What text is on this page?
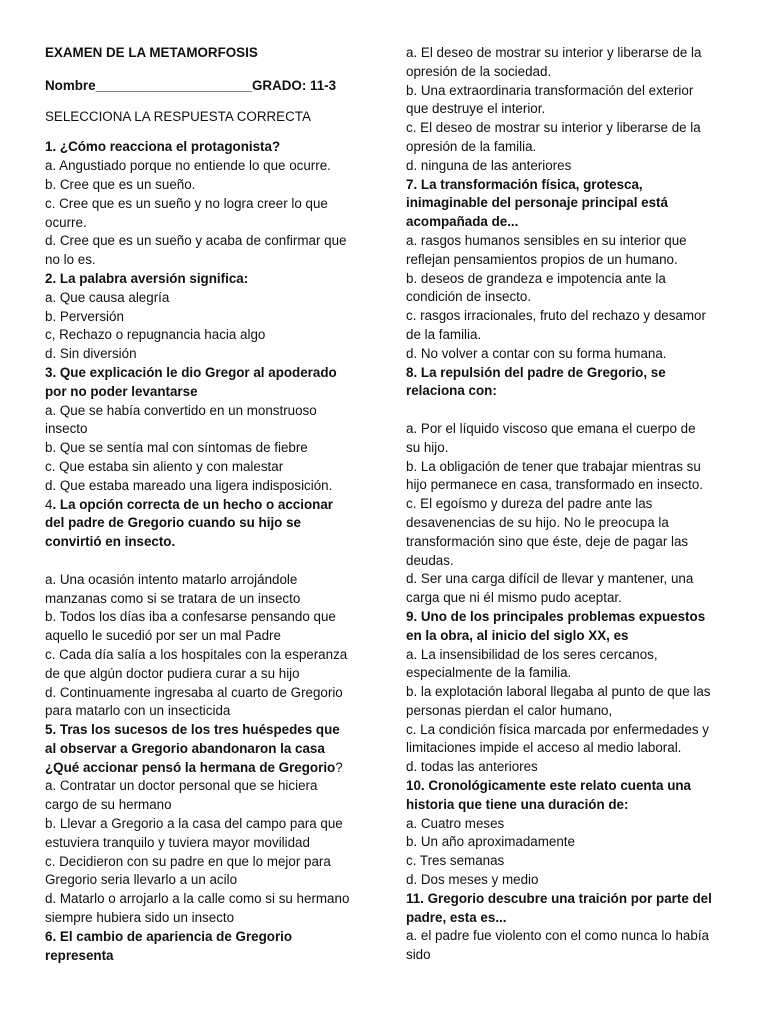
EXAMEN DE LA METAMORFOSIS
Nombre_____________________GRADO: 11-3
SELECCIONA LA RESPUESTA CORRECTA
1. ¿Cómo reacciona el protagonista?
a. Angustiado porque no entiende lo que ocurre.
b. Cree que es un sueño.
c. Cree que es un sueño y no logra creer lo que
ocurre.
d. Cree que es un sueño y acaba de confirmar que
no lo es.
2. La palabra aversión significa:
a. Que causa alegría
b. Perversión
c, Rechazo o repugnancia hacia algo
d. Sin diversión
3. Que explicación le dio Gregor al apoderado
por no poder levantarse
a. Que se había convertido en un monstruoso
insecto
b. Que se sentía mal con síntomas de fiebre
c. Que estaba sin aliento y con malestar
d. Que estaba mareado una ligera indisposición.
4. La opción correcta de un hecho o accionar
del padre de Gregorio cuando su hijo se
convirtió en insecto.
a. Una ocasión intento matarlo arrojándole
manzanas como si se tratara de un insecto
b. Todos los días iba a confesarse pensando que
aquello le sucedió por ser un mal Padre
c. Cada día salía a los hospitales con la esperanza
de que algún doctor pudiera curar a su hijo
d. Continuamente ingresaba al cuarto de Gregorio
para matarlo con un insecticida
5. Tras los sucesos de los tres huéspedes que
al observar a Gregorio abandonaron la casa
¿Qué accionar pensó la hermana de Gregorio?
a. Contratar un doctor personal que se hiciera
cargo de su hermano
b. Llevar a Gregorio a la casa del campo para que
estuviera tranquilo y tuviera mayor movilidad
c. Decidieron con su padre en que lo mejor para
Gregorio seria llevarlo a un acilo
d. Matarlo o arrojarlo a la calle como si su hermano
siempre hubiera sido un insecto
6. El cambio de apariencia de Gregorio
representa
a. El deseo de mostrar su interior y liberarse de la
opresión de la sociedad.
b. Una extraordinaria transformación del exterior
que destruye el interior.
c. El deseo de mostrar su interior y liberarse de la
opresión de la familia.
d. ninguna de las anteriores
7. La transformación física, grotesca,
inimaginable del personaje principal está
acompañada de...
a. rasgos humanos sensibles en su interior que
reflejan pensamientos propios de un humano.
b. deseos de grandeza e impotencia ante la
condición de insecto.
c. rasgos irracionales, fruto del rechazo y desamor
de la familia.
d. No volver a contar con su forma humana.
8. La repulsión del padre de Gregorio, se
relaciona con:
a. Por el líquido viscoso que emana el cuerpo de
su hijo.
b. La obligación de tener que trabajar mientras su
hijo permanece en casa, transformado en insecto.
c. El egoísmo y dureza del padre ante las
desavenencias de su hijo. No le preocupa la
transformación sino que éste, deje de pagar las
deudas.
d. Ser una carga difícil de llevar y mantener, una
carga que ni él mismo pudo aceptar.
9. Uno de los principales problemas expuestos
en la obra, al inicio del siglo XX, es
a. La insensibilidad de los seres cercanos,
especialmente de la familia.
b. la explotación laboral llegaba al punto de que las
personas pierdan el calor humano,
c. La condición física marcada por enfermedades y
limitaciones impide el acceso al medio laboral.
d. todas las anteriores
10. Cronológicamente este relato cuenta una
historia que tiene una duración de:
a. Cuatro meses
b. Un año aproximadamente
c. Tres semanas
d. Dos meses y medio
11. Gregorio descubre una traición por parte del
padre, esta es...
a. el padre fue violento con el como nunca lo había
sido
